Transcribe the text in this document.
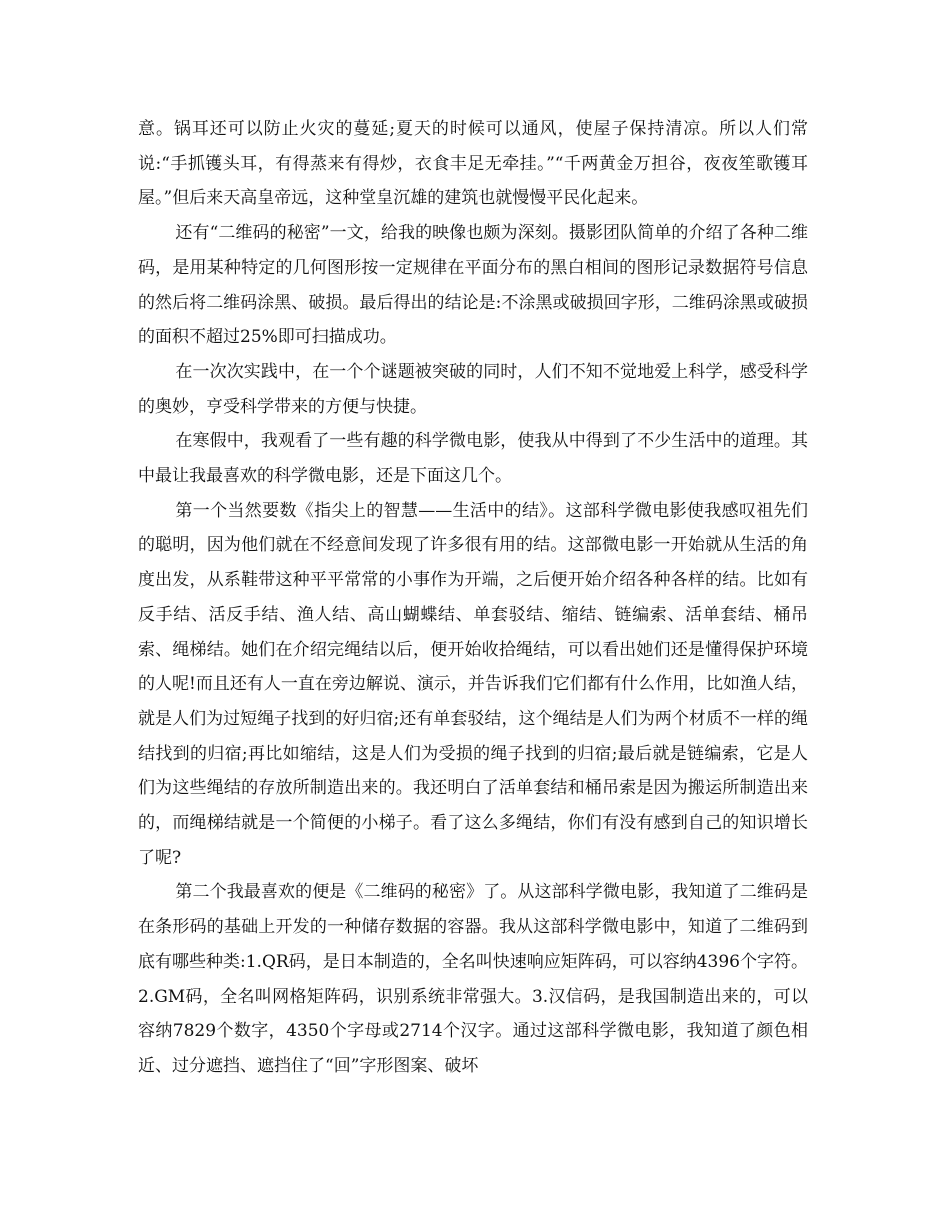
意。锅耳还可以防止火灾的蔓延;夏天的时候可以通风，使屋子保持清凉。所以人们常说:“手抓镬头耳，有得蒸来有得炒，衣食丰足无牵挂。”“千两黄金万担谷，夜夜笙歌镬耳屋。”但后来天高皇帝远，这种堂皇沉雄的建筑也就慢慢平民化起来。

还有“二维码的秘密”一文，给我的映像也颇为深刻。摄影团队简单的介绍了各种二维码，是用某种特定的几何图形按一定规律在平面分布的黑白相间的图形记录数据符号信息的然后将二维码涂黑、破损。最后得出的结论是:不涂黑或破损回字形，二维码涂黑或破损的面积不超过25%即可扫描成功。

在一次次实践中，在一个个谜题被突破的同时，人们不知不觉地爱上科学，感受科学的奥妙，亨受科学带来的方便与快捷。

在寒假中，我观看了一些有趣的科学微电影，使我从中得到了不少生活中的道理。其中最让我最喜欢的科学微电影，还是下面这几个。

第一个当然要数《指尖上的智慧——生活中的结》。这部科学微电影使我感叹祖先们的聪明，因为他们就在不经意间发现了许多很有用的结。这部微电影一开始就从生活的角度出发，从系鞋带这种平平常常的小事作为开端，之后便开始介绍各种各样的结。比如有反手结、活反手结、渔人结、高山蝴蝶结、单套驳结、缩结、链编索、活单套结、桶吊索、绳梯结。她们在介绍完绳结以后，便开始收拾绳结，可以看出她们还是懂得保护环境的人呢!而且还有人一直在旁边解说、演示，并告诉我们它们都有什么作用，比如渔人结，就是人们为过短绳子找到的好归宿;还有单套驳结，这个绳结是人们为两个材质不一样的绳结找到的归宿;再比如缩结，这是人们为受损的绳子找到的归宿;最后就是链编索，它是人们为这些绳结的存放所制造出来的。我还明白了活单套结和桶吊索是因为搬运所制造出来的，而绳梯结就是一个简便的小梯子。看了这么多绳结，你们有没有感到自己的知识增长了呢?

第二个我最喜欢的便是《二维码的秘密》了。从这部科学微电影，我知道了二维码是在条形码的基础上开发的一种储存数据的容器。我从这部科学微电影中，知道了二维码到底有哪些种类:1.QR码，是日本制造的，全名叫快速响应矩阵码，可以容纳4396个字符。2.GM码，全名叫网格矩阵码，识别系统非常强大。3.汉信码，是我国制造出来的，可以容纳7829个数字，4350个字母或2714个汉字。通过这部科学微电影，我知道了颜色相近、过分遮挡、遮挡住了“回”字形图案、破坏
